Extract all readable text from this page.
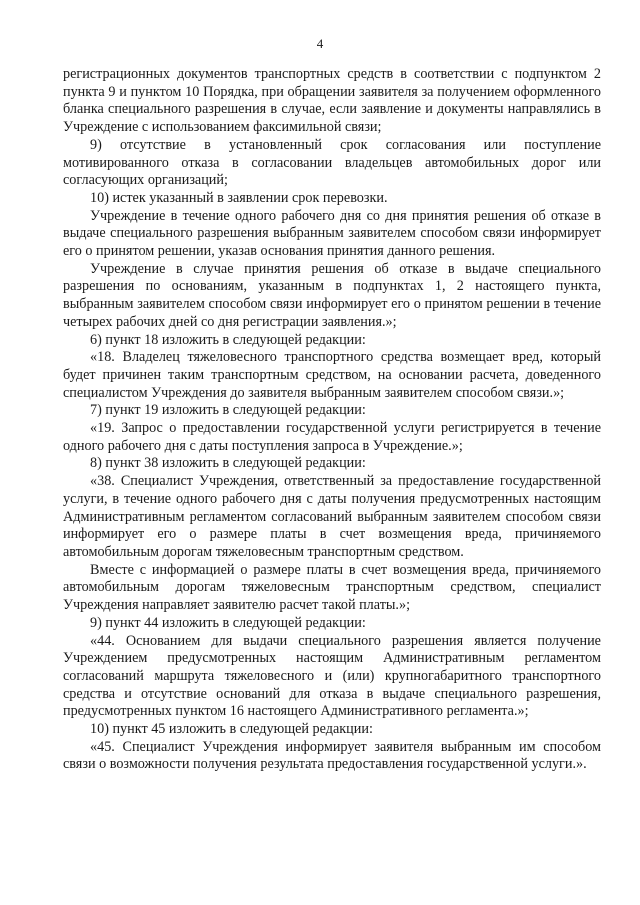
4

регистрационных документов транспортных средств в соответствии с подпунктом 2 пункта 9 и пунктом 10 Порядка, при обращении заявителя за получением оформленного бланка специального разрешения в случае, если заявление и документы направлялись в Учреждение с использованием факсимильной связи;

9) отсутствие в установленный срок согласования или поступление мотивированного отказа в согласовании владельцев автомобильных дорог или согласующих организаций;

10) истек указанный в заявлении срок перевозки.

Учреждение в течение одного рабочего дня со дня принятия решения об отказе в выдаче специального разрешения выбранным заявителем способом связи информирует его о принятом решении, указав основания принятия данного решения.

Учреждение в случае принятия решения об отказе в выдаче специального разрешения по основаниям, указанным в подпунктах 1, 2 настоящего пункта, выбранным заявителем способом связи информирует его о принятом решении в течение четырех рабочих дней со дня регистрации заявления.»;

6) пункт 18 изложить в следующей редакции:

«18. Владелец тяжеловесного транспортного средства возмещает вред, который будет причинен таким транспортным средством, на основании расчета, доведенного специалистом Учреждения до заявителя выбранным заявителем способом связи.»;

7) пункт 19 изложить в следующей редакции:

«19. Запрос о предоставлении государственной услуги регистрируется в течение одного рабочего дня с даты поступления запроса в Учреждение.»;

8) пункт 38 изложить в следующей редакции:

«38. Специалист Учреждения, ответственный за предоставление государственной услуги, в течение одного рабочего дня с даты получения предусмотренных настоящим Административным регламентом согласований выбранным заявителем способом связи информирует его о размере платы в счет возмещения вреда, причиняемого автомобильным дорогам тяжеловесным транспортным средством.

Вместе с информацией о размере платы в счет возмещения вреда, причиняемого автомобильным дорогам тяжеловесным транспортным средством, специалист Учреждения направляет заявителю расчет такой платы.»;

9) пункт 44 изложить в следующей редакции:

«44. Основанием для выдачи специального разрешения является получение Учреждением предусмотренных настоящим Административным регламентом согласований маршрута тяжеловесного и (или) крупногабаритного транспортного средства и отсутствие оснований для отказа в выдаче специального разрешения, предусмотренных пунктом 16 настоящего Административного регламента.»;

10) пункт 45 изложить в следующей редакции:

«45. Специалист Учреждения информирует заявителя выбранным им способом связи о возможности получения результата предоставления государственной услуги.».
